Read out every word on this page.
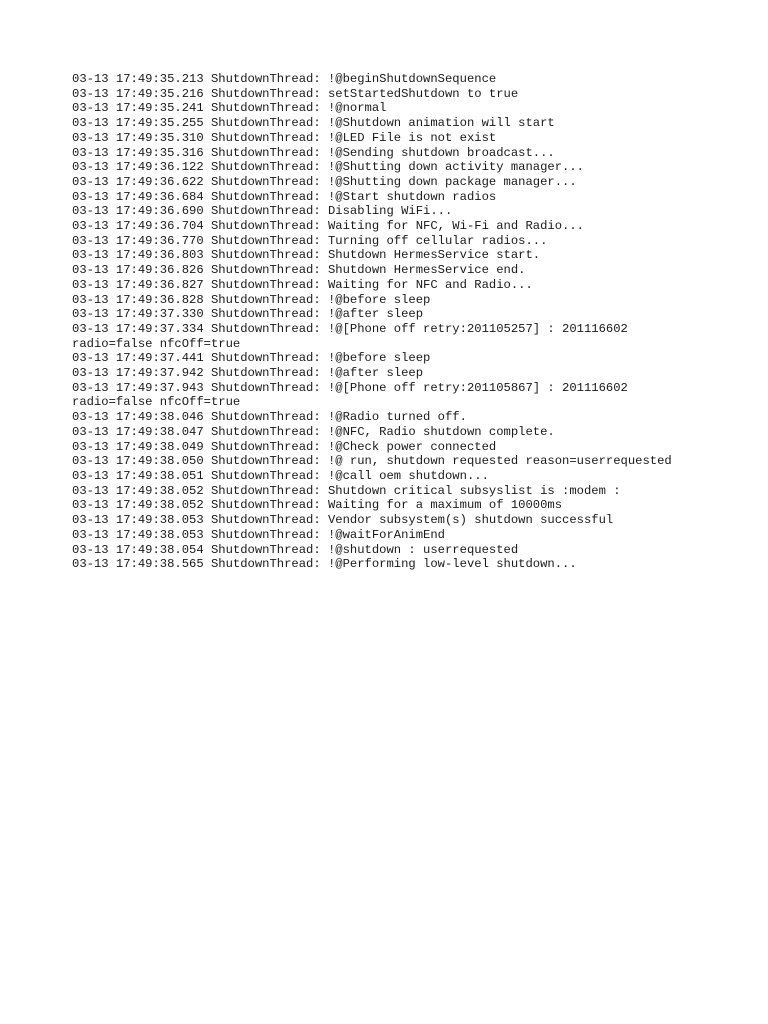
03-13 17:49:35.213 ShutdownThread: !@beginShutdownSequence
03-13 17:49:35.216 ShutdownThread: setStartedShutdown to true
03-13 17:49:35.241 ShutdownThread: !@normal
03-13 17:49:35.255 ShutdownThread: !@Shutdown animation will start
03-13 17:49:35.310 ShutdownThread: !@LED File is not exist
03-13 17:49:35.316 ShutdownThread: !@Sending shutdown broadcast...
03-13 17:49:36.122 ShutdownThread: !@Shutting down activity manager...
03-13 17:49:36.622 ShutdownThread: !@Shutting down package manager...
03-13 17:49:36.684 ShutdownThread: !@Start shutdown radios
03-13 17:49:36.690 ShutdownThread: Disabling WiFi...
03-13 17:49:36.704 ShutdownThread: Waiting for NFC, Wi-Fi and Radio...
03-13 17:49:36.770 ShutdownThread: Turning off cellular radios...
03-13 17:49:36.803 ShutdownThread: Shutdown HermesService start.
03-13 17:49:36.826 ShutdownThread: Shutdown HermesService end.
03-13 17:49:36.827 ShutdownThread: Waiting for NFC and Radio...
03-13 17:49:36.828 ShutdownThread: !@before sleep
03-13 17:49:37.330 ShutdownThread: !@after sleep
03-13 17:49:37.334 ShutdownThread: !@[Phone off retry:201105257] : 201116602
radio=false nfcOff=true
03-13 17:49:37.441 ShutdownThread: !@before sleep
03-13 17:49:37.942 ShutdownThread: !@after sleep
03-13 17:49:37.943 ShutdownThread: !@[Phone off retry:201105867] : 201116602
radio=false nfcOff=true
03-13 17:49:38.046 ShutdownThread: !@Radio turned off.
03-13 17:49:38.047 ShutdownThread: !@NFC, Radio shutdown complete.
03-13 17:49:38.049 ShutdownThread: !@Check power connected
03-13 17:49:38.050 ShutdownThread: !@ run, shutdown requested reason=userrequested
03-13 17:49:38.051 ShutdownThread: !@call oem shutdown...
03-13 17:49:38.052 ShutdownThread: Shutdown critical subsyslist is :modem :
03-13 17:49:38.052 ShutdownThread: Waiting for a maximum of 10000ms
03-13 17:49:38.053 ShutdownThread: Vendor subsystem(s) shutdown successful
03-13 17:49:38.053 ShutdownThread: !@waitForAnimEnd
03-13 17:49:38.054 ShutdownThread: !@shutdown : userrequested
03-13 17:49:38.565 ShutdownThread: !@Performing low-level shutdown...
